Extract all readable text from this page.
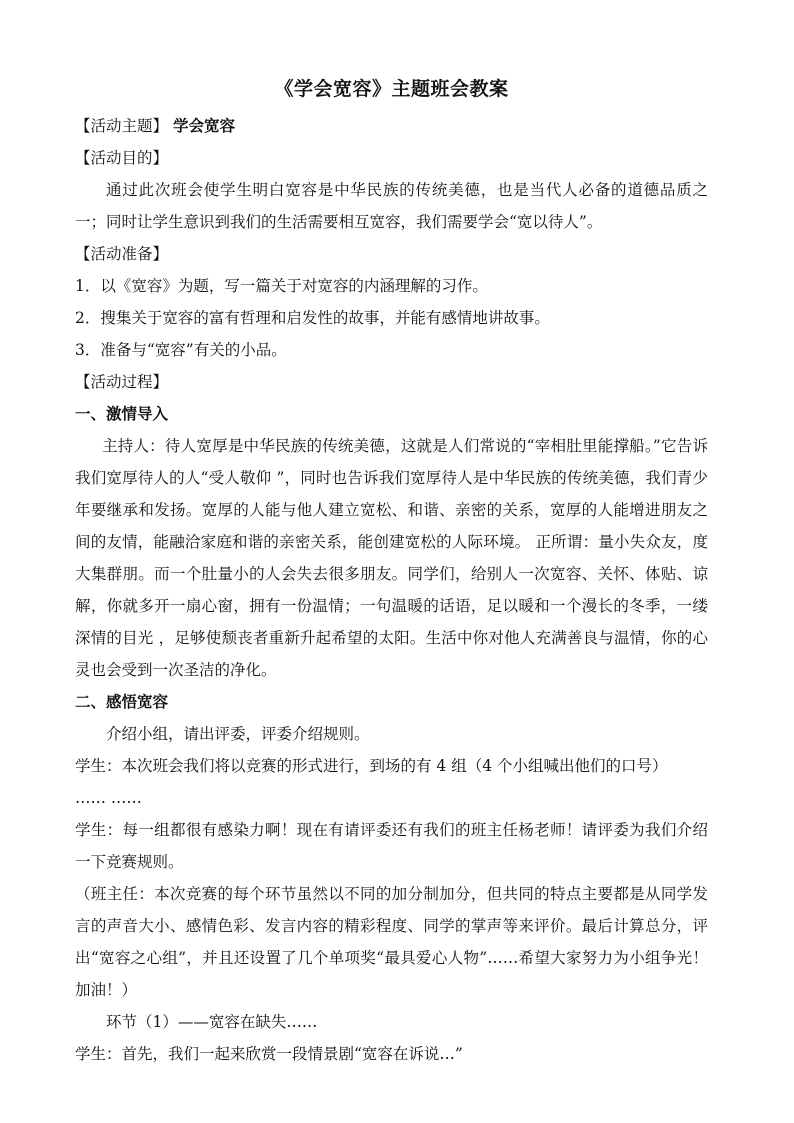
《学会宽容》主题班会教案

【活动主题】 学会宽容

【活动目的】

通过此次班会使学生明白宽容是中华民族的传统美德，也是当代人必备的道德品质之一；同时让学生意识到我们的生活需要相互宽容，我们需要学会“宽以待人”。

【活动准备】

1．以《宽容》为题，写一篇关于对宽容的内涵理解的习作。

2．搜集关于宽容的富有哲理和启发性的故事，并能有感情地讲故事。

3．准备与“宽容”有关的小品。

【活动过程】

一、激情导入

主持人：待人宽厚是中华民族的传统美德，这就是人们常说的“宰相肚里能撑船。”它告诉我们宽厚待人的人“受人敬仰 ”，同时也告诉我们宽厚待人是中华民族的传统美德，我们青少年要继承和发扬。宽厚的人能与他人建立宽松、和谐、亲密的关系，宽厚的人能增进朋友之间的友情，能融洽家庭和谐的亲密关系，能创建宽松的人际环境。 正所谓：量小失众友，度大集群朋。而一个肚量小的人会失去很多朋友。同学们，给别人一次宽容、关怀、体贴、谅解，你就多开一扇心窗，拥有一份温情；一句温暖的话语，足以暖和一个漫长的冬季，一缕深情的目光 ，足够使颓丧者重新升起希望的太阳。生活中你对他人充满善良与温情，你的心灵也会受到一次圣洁的净化。

二、感悟宽容

介绍小组，请出评委，评委介绍规则。

学生：本次班会我们将以竞赛的形式进行，到场的有 4 组（4 个小组喊出他们的口号）

…… ……

学生：每一组都很有感染力啊！现在有请评委还有我们的班主任杨老师！请评委为我们介绍一下竞赛规则。

（班主任：本次竞赛的每个环节虽然以不同的加分制加分，但共同的特点主要都是从同学发言的声音大小、感情色彩、发言内容的精彩程度、同学的掌声等来评价。最后计算总分，评出“宽容之心组”，并且还设置了几个单项奖“最具爱心人物”……希望大家努力为小组争光！加油！）

环节（1）——宽容在缺失……

学生：首先，我们一起来欣赏一段情景剧“宽容在诉说…”
